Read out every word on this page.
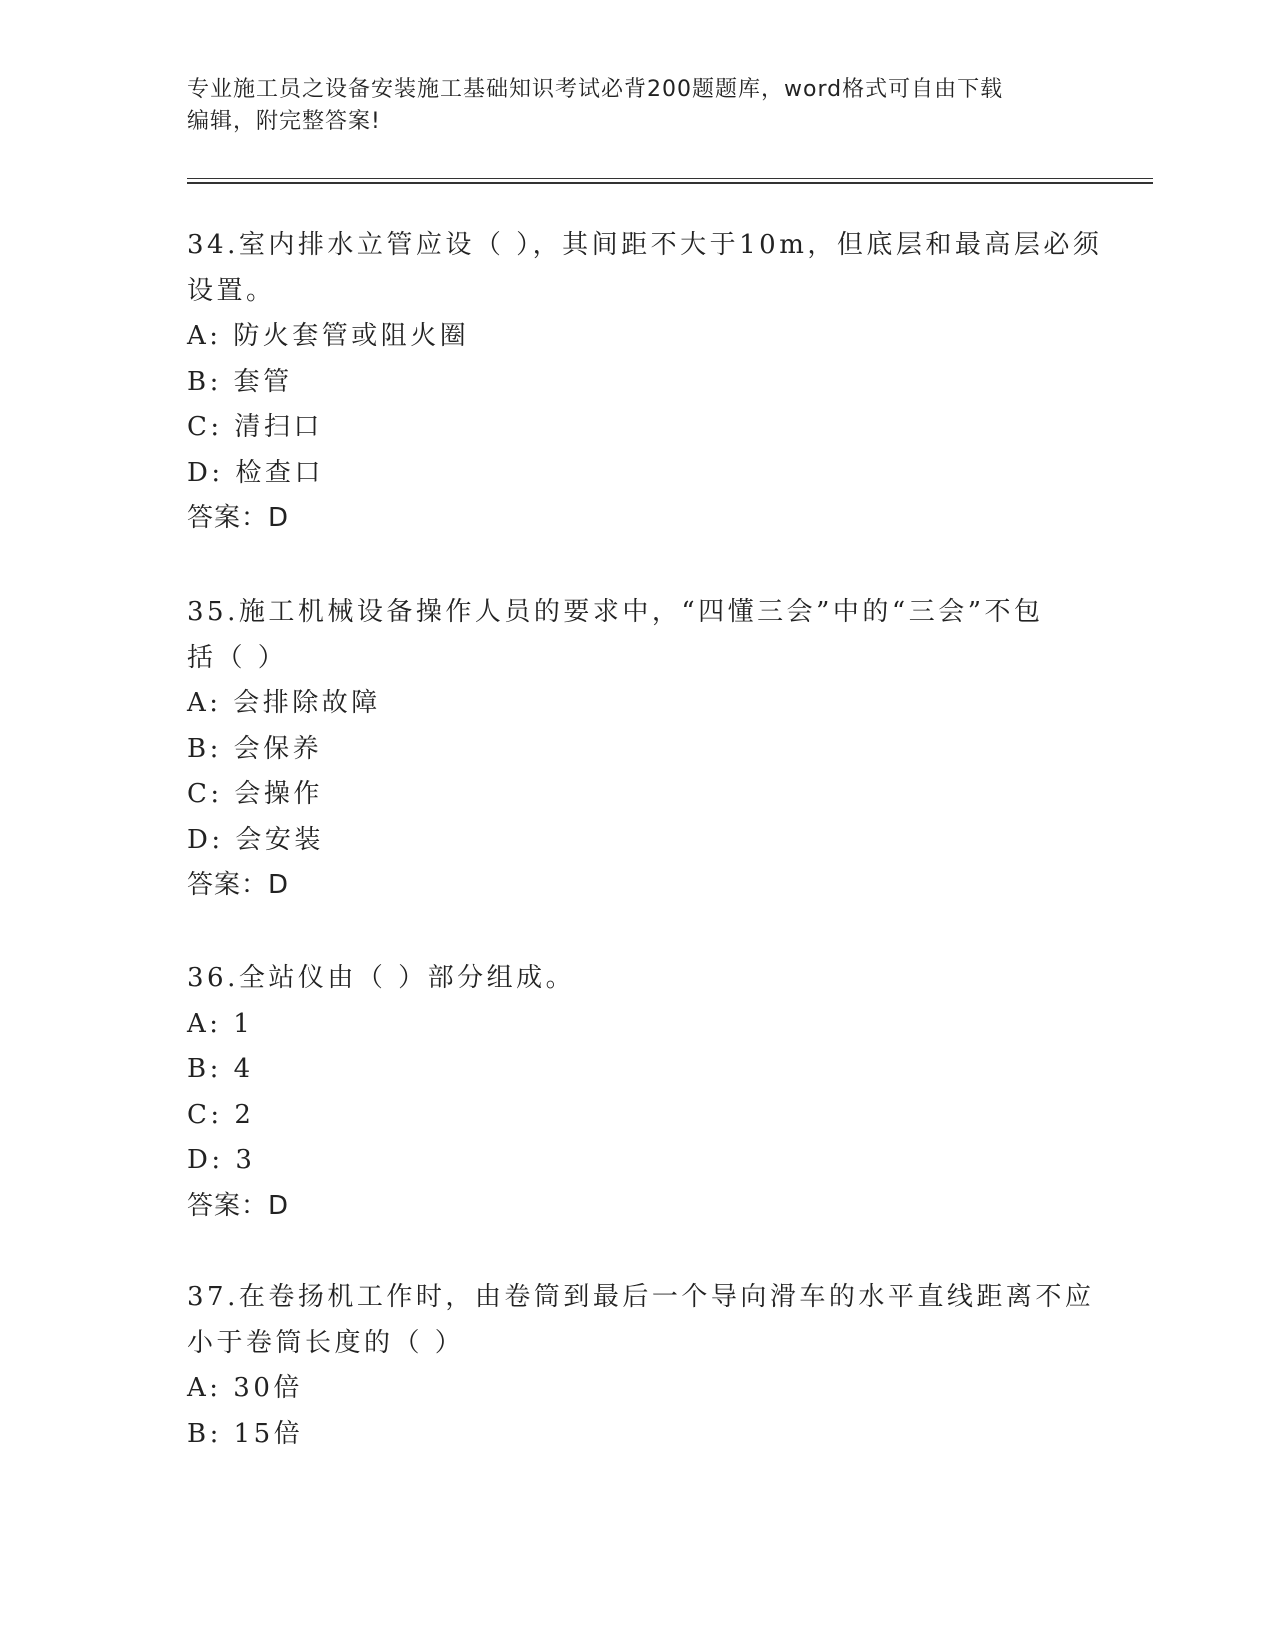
专业施工员之设备安装施工基础知识考试必背200题题库，word格式可自由下载
编辑，附完整答案!
34.室内排水立管应设（ ），其间距不大于10m，但底层和最高层必须
设置。
A: 防火套管或阻火圈
B: 套管
C: 清扫口
D: 检查口
答案：D
35.施工机械设备操作人员的要求中，“四懂三会”中的“三会”不包
括（ ）
A: 会排除故障
B: 会保养
C: 会操作
D: 会安装
答案：D
36.全站仪由（ ）部分组成。
A: 1
B: 4
C: 2
D: 3
答案：D
37.在卷扬机工作时，由卷筒到最后一个导向滑车的水平直线距离不应
小于卷筒长度的（ ）
A: 30倍
B: 15倍
